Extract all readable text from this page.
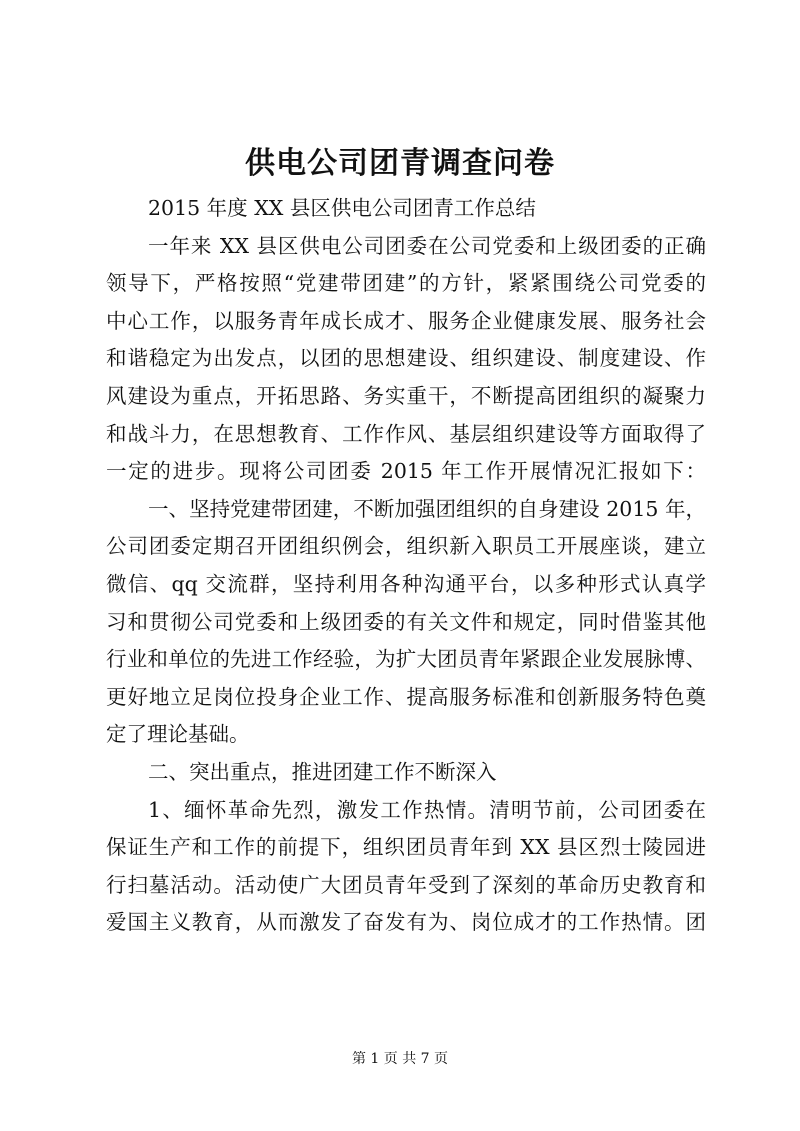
供电公司团青调查问卷
2015 年度 XX 县区供电公司团青工作总结
一年来 XX 县区供电公司团委在公司党委和上级团委的正确
领导下，严格按照“党建带团建”的方针，紧紧围绕公司党委的
中心工作，以服务青年成长成才、服务企业健康发展、服务社会
和谐稳定为出发点，以团的思想建设、组织建设、制度建设、作
风建设为重点，开拓思路、务实重干，不断提高团组织的凝聚力
和战斗力，在思想教育、工作作风、基层组织建设等方面取得了
一定的进步。现将公司团委 2015 年工作开展情况汇报如下：
一、坚持党建带团建，不断加强团组织的自身建设 2015 年，
公司团委定期召开团组织例会，组织新入职员工开展座谈，建立
微信、qq 交流群，坚持利用各种沟通平台，以多种形式认真学
习和贯彻公司党委和上级团委的有关文件和规定，同时借鉴其他
行业和单位的先进工作经验，为扩大团员青年紧跟企业发展脉博、
更好地立足岗位投身企业工作、提高服务标准和创新服务特色奠
定了理论基础。
二、突出重点，推进团建工作不断深入
1、缅怀革命先烈，激发工作热情。清明节前，公司团委在
保证生产和工作的前提下，组织团员青年到 XX 县区烈士陵园进
行扫墓活动。活动使广大团员青年受到了深刻的革命历史教育和
爱国主义教育，从而激发了奋发有为、岗位成才的工作热情。团
第 1 页 共 7 页
